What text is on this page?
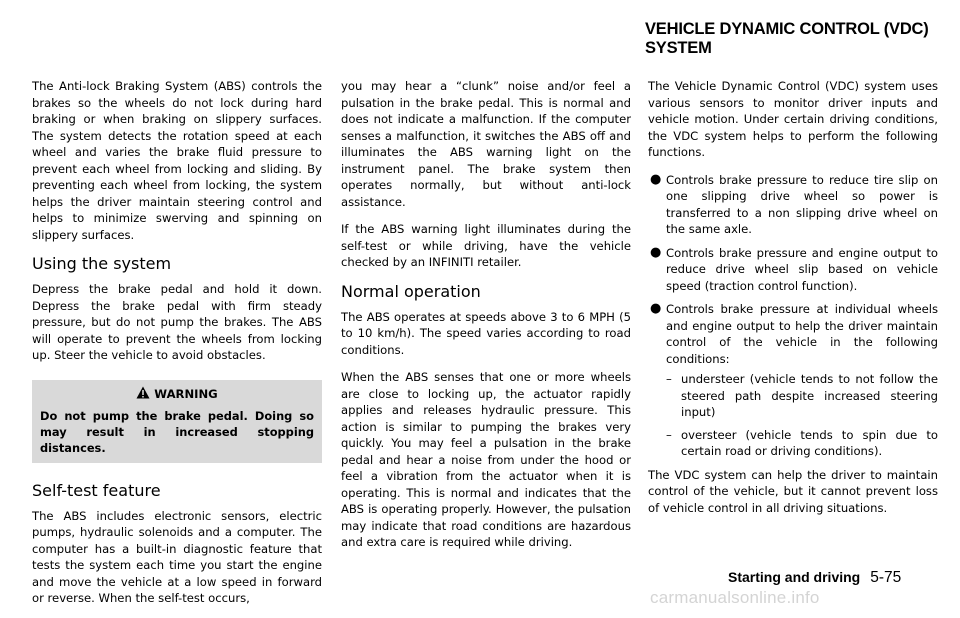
VEHICLE DYNAMIC CONTROL (VDC)
SYSTEM

The Anti-lock Braking System (ABS) controls the brakes so the wheels do not lock during hard braking or when braking on slippery surfaces. The system detects the rotation speed at each wheel and varies the brake fluid pressure to prevent each wheel from locking and sliding. By preventing each wheel from locking, the system helps the driver maintain steering control and helps to minimize swerving and spinning on slippery surfaces.

Using the system

Depress the brake pedal and hold it down. Depress the brake pedal with firm steady pressure, but do not pump the brakes. The ABS will operate to prevent the wheels from locking up. Steer the vehicle to avoid obstacles.

WARNING
Do not pump the brake pedal. Doing so may result in increased stopping distances.
Self-test feature

The ABS includes electronic sensors, electric pumps, hydraulic solenoids and a computer. The computer has a built-in diagnostic feature that tests the system each time you start the engine and move the vehicle at a low speed in forward or reverse. When the self-test occurs,

you may hear a “clunk” noise and/or feel a pulsation in the brake pedal. This is normal and does not indicate a malfunction. If the computer senses a malfunction, it switches the ABS off and illuminates the ABS warning light on the instrument panel. The brake system then operates normally, but without anti-lock assistance.

If the ABS warning light illuminates during the self-test or while driving, have the vehicle checked by an INFINITI retailer.

Normal operation

The ABS operates at speeds above 3 to 6 MPH (5 to 10 km/h). The speed varies according to road conditions.

When the ABS senses that one or more wheels are close to locking up, the actuator rapidly applies and releases hydraulic pressure. This action is similar to pumping the brakes very quickly. You may feel a pulsation in the brake pedal and hear a noise from under the hood or feel a vibration from the actuator when it is operating. This is normal and indicates that the ABS is operating properly. However, the pulsation may indicate that road conditions are hazardous and extra care is required while driving.

The Vehicle Dynamic Control (VDC) system uses various sensors to monitor driver inputs and vehicle motion. Under certain driving conditions, the VDC system helps to perform the following functions.

● Controls brake pressure to reduce tire slip on one slipping drive wheel so power is transferred to a non slipping drive wheel on the same axle.
● Controls brake pressure and engine output to reduce drive wheel slip based on vehicle speed (traction control function).
● Controls brake pressure at individual wheels and engine output to help the driver maintain control of the vehicle in the following conditions:
– understeer (vehicle tends to not follow the steered path despite increased steering input)
– oversteer (vehicle tends to spin due to certain road or driving conditions).

The VDC system can help the driver to maintain control of the vehicle, but it cannot prevent loss of vehicle control in all driving situations.

Starting and driving 5-75
carmanualsonline.info
